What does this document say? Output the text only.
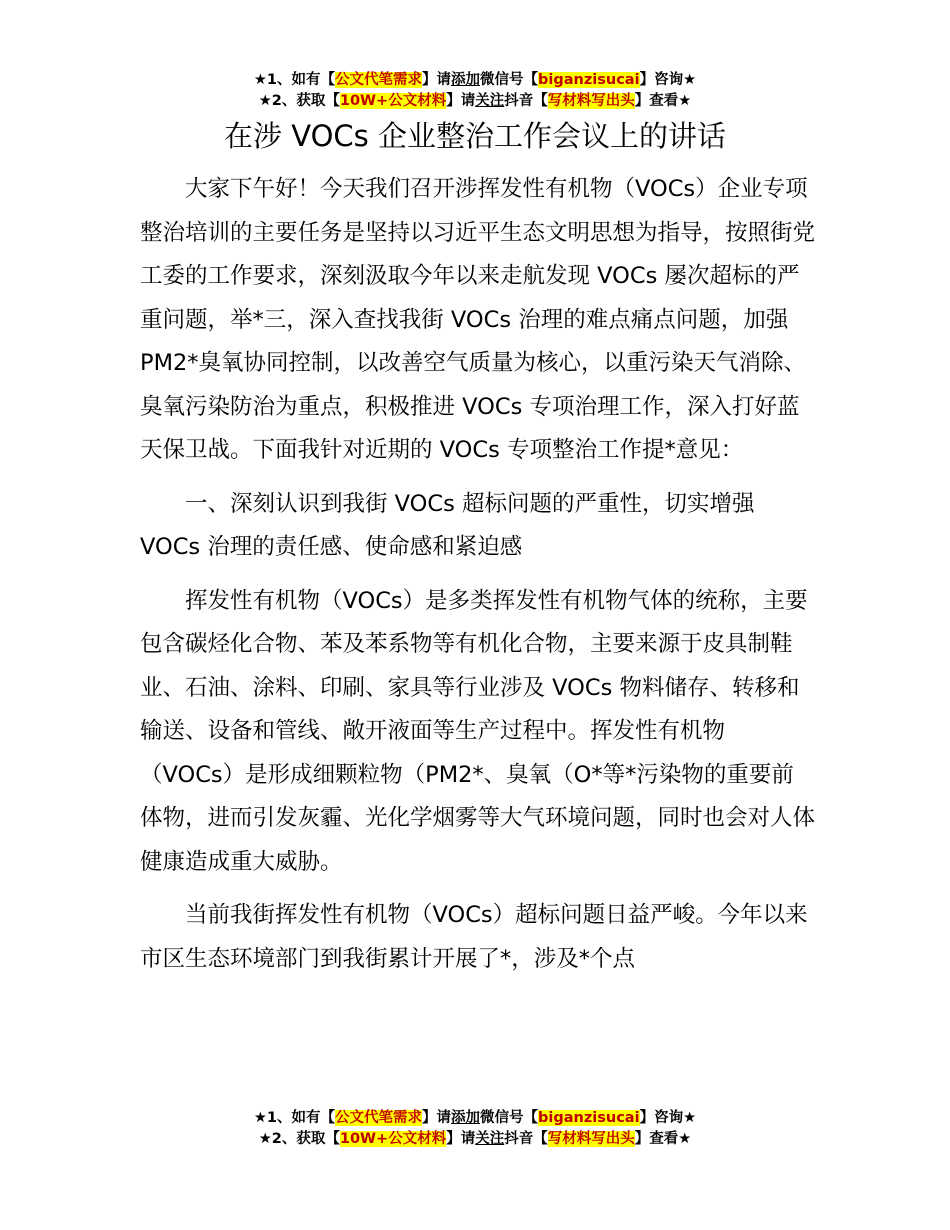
★1、如有【公文代笔需求】请添加微信号【biganzisucai】咨询★
★2、获取【10W+公文材料】请关注抖音【写材料写出头】查看★
在涉 VOCs 企业整治工作会议上的讲话

大家下午好！今天我们召开涉挥发性有机物（VOCs）企业专项整治培训的主要任务是坚持以习近平生态文明思想为指导，按照街党工委的工作要求，深刻汲取今年以来走航发现 VOCs 屡次超标的严重问题，举*三，深入查找我街 VOCs 治理的难点痛点问题，加强 PM2*臭氧协同控制，以改善空气质量为核心，以重污染天气消除、臭氧污染防治为重点，积极推进 VOCs 专项治理工作，深入打好蓝天保卫战。下面我针对近期的 VOCs 专项整治工作提*意见：

一、深刻认识到我街 VOCs 超标问题的严重性，切实增强 VOCs 治理的责任感、使命感和紧迫感

挥发性有机物（VOCs）是多类挥发性有机物气体的统称，主要包含碳烃化合物、苯及苯系物等有机化合物，主要来源于皮具制鞋业、石油、涂料、印刷、家具等行业涉及 VOCs 物料储存、转移和输送、设备和管线、敞开液面等生产过程中。挥发性有机物（VOCs）是形成细颗粒物（PM2*、臭氧（O*等*污染物的重要前体物，进而引发灰霾、光化学烟雾等大气环境问题，同时也会对人体健康造成重大威胁。

当前我街挥发性有机物（VOCs）超标问题日益严峻。今年以来市区生态环境部门到我街累计开展了*，涉及*个点

★1、如有【公文代笔需求】请添加微信号【biganzisucai】咨询★
★2、获取【10W+公文材料】请关注抖音【写材料写出头】查看★
